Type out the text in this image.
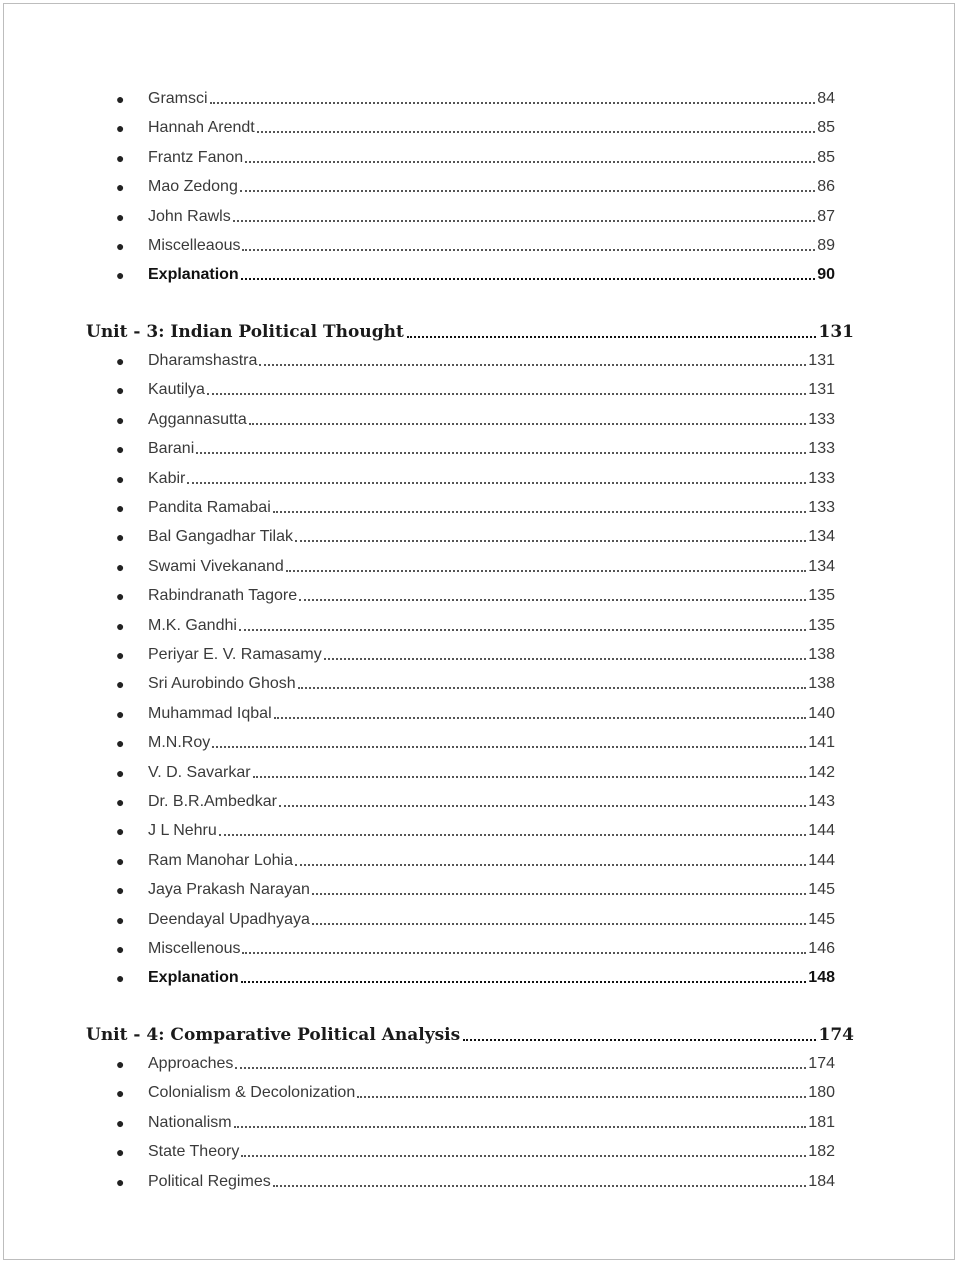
●	Gramsci	84
●	Hannah Arendt	85
●	Frantz Fanon	85
●	Mao Zedong	86
●	John Rawls	87
●	Miscelleaous	89
●	Explanation	90
Unit - 3: Indian Political Thought	131
●	Dharamshastra	131
●	Kautilya	131
●	Aggannasutta	133
●	Barani	133
●	Kabir	133
●	Pandita Ramabai	133
●	Bal Gangadhar Tilak	134
●	Swami Vivekanand	134
●	Rabindranath Tagore	135
●	M.K. Gandhi	135
●	Periyar E. V. Ramasamy	138
●	Sri Aurobindo Ghosh	138
●	Muhammad Iqbal	140
●	M.N.Roy	141
●	V. D. Savarkar	142
●	Dr. B.R.Ambedkar	143
●	J L Nehru	144
●	Ram Manohar Lohia	144
●	Jaya Prakash Narayan	145
●	Deendayal Upadhyaya	145
●	Miscellenous	146
●	Explanation	148
Unit - 4: Comparative Political Analysis	174
●	Approaches	174
●	Colonialism & Decolonization	180
●	Nationalism	181
●	State Theory	182
●	Political Regimes	184
